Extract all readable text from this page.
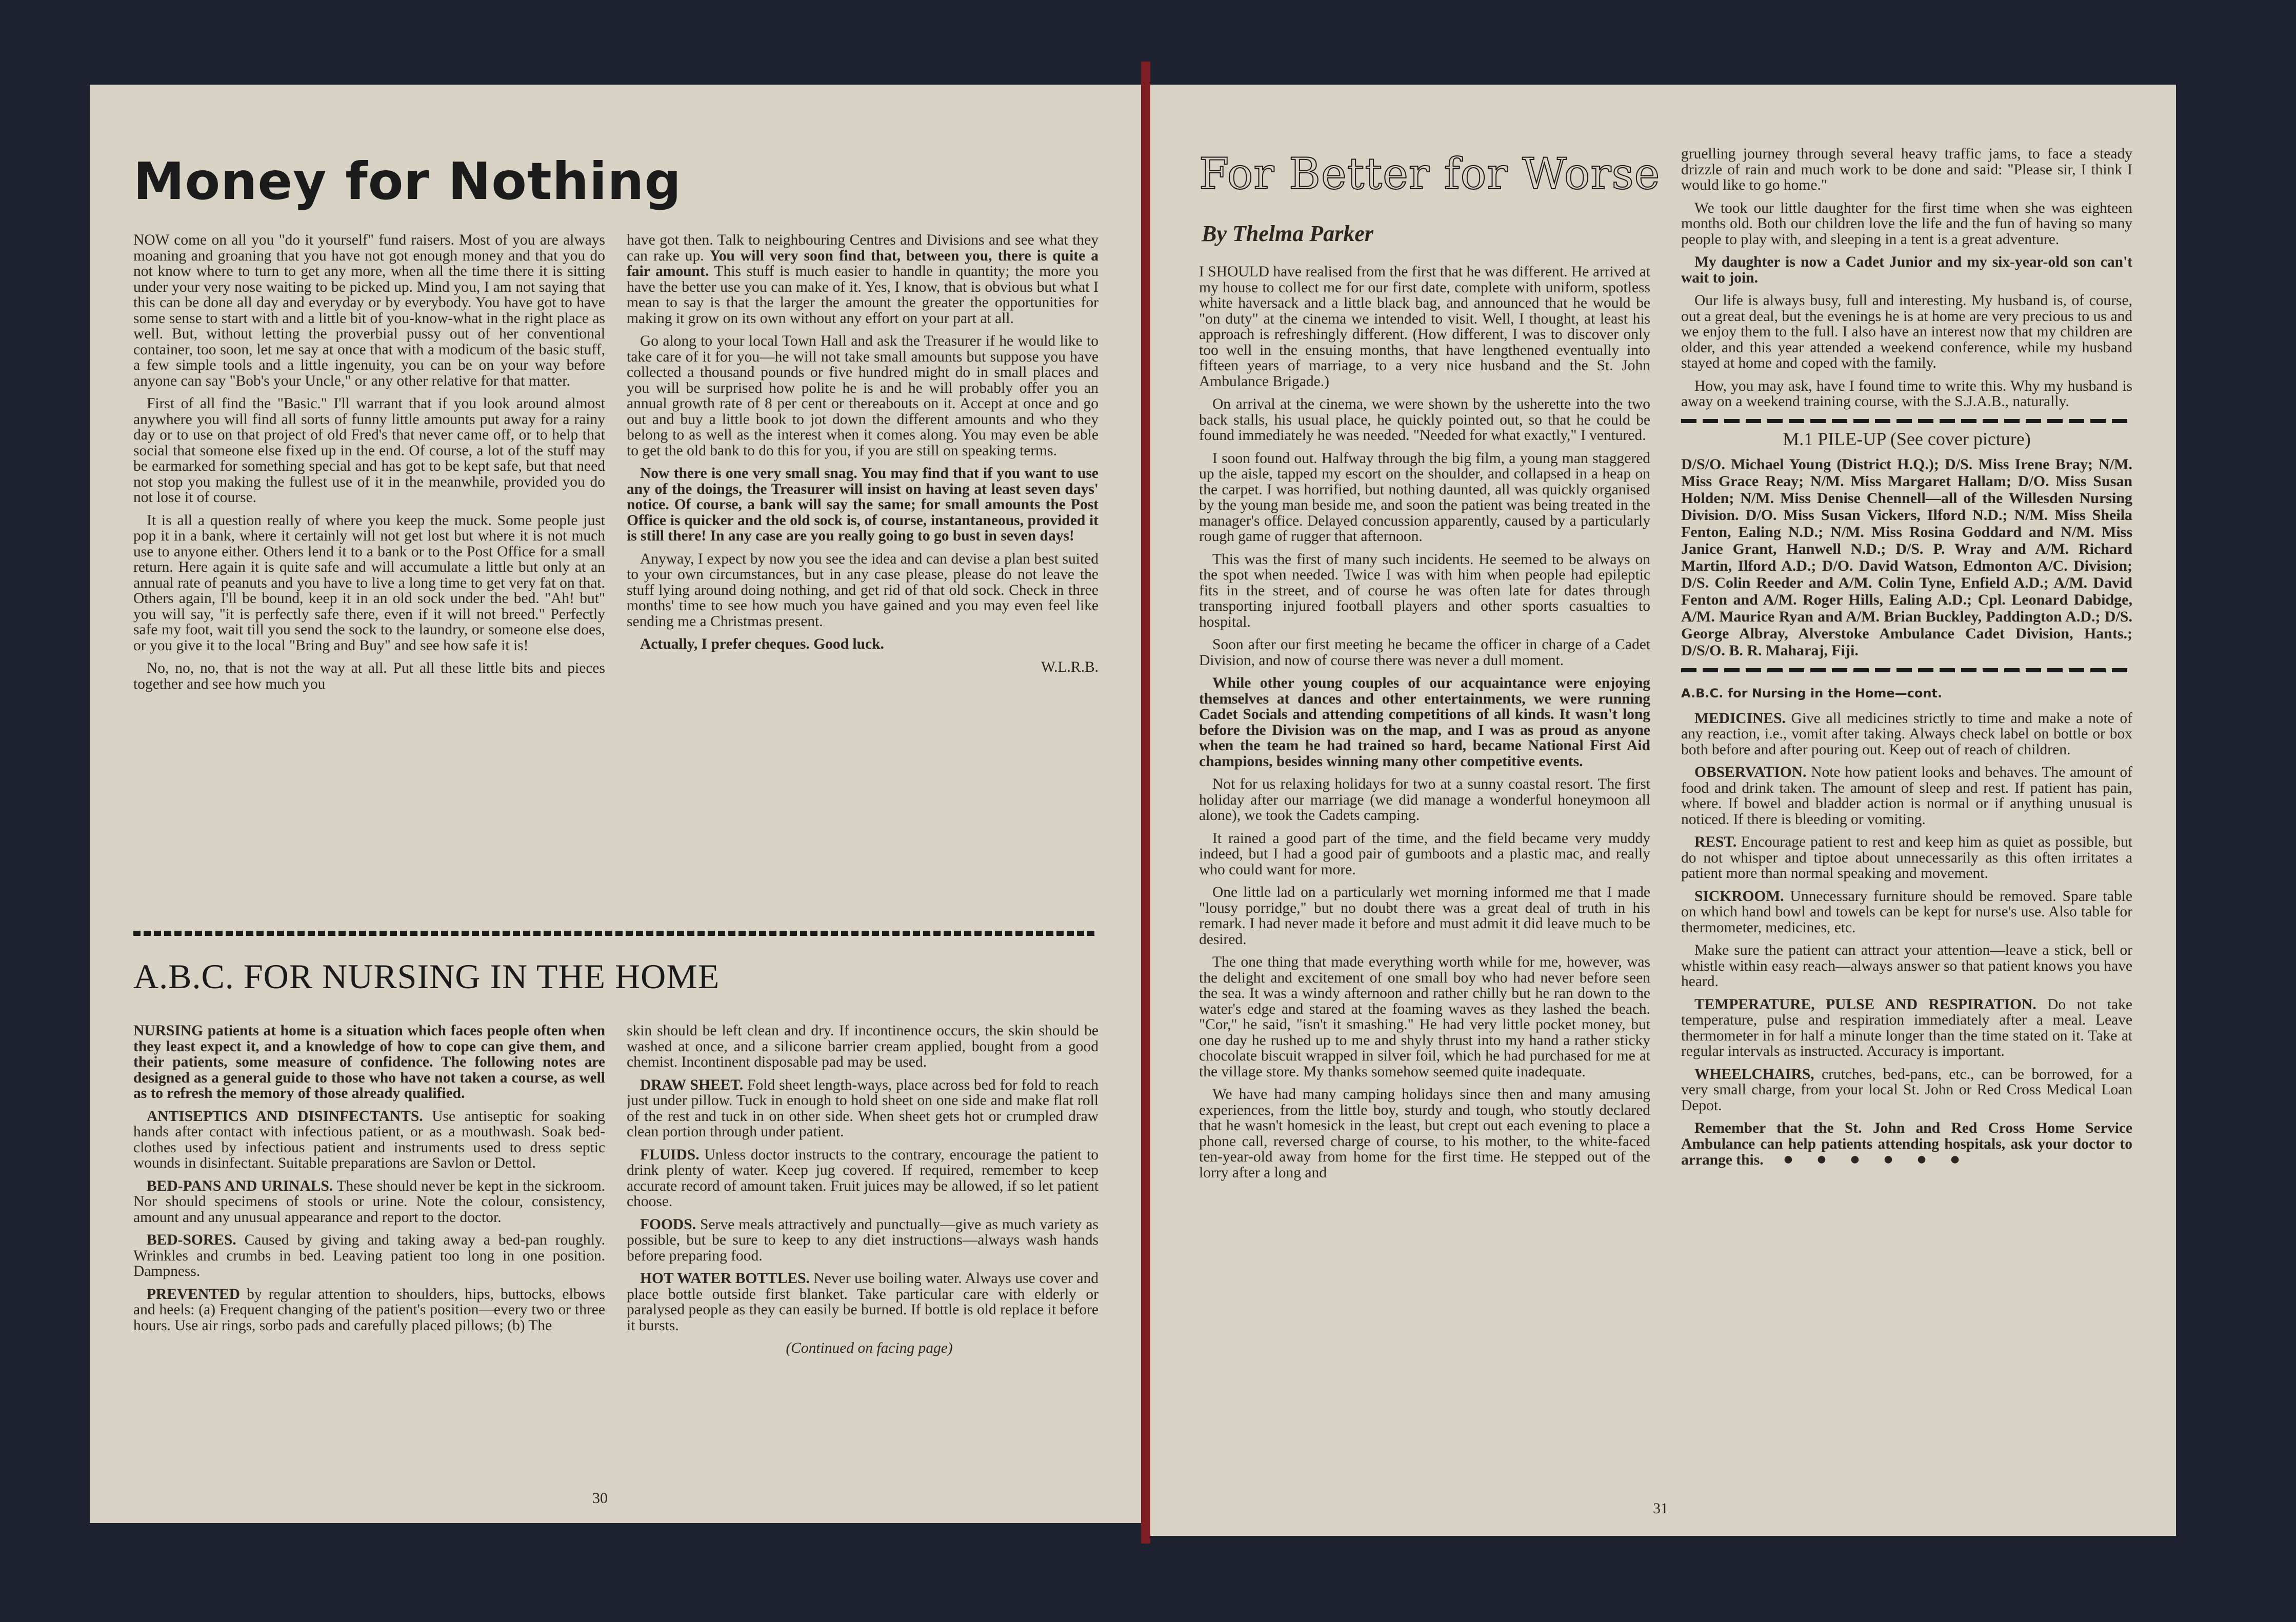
Money for Nothing

NOW come on all you "do it yourself" fund raisers. Most of you are always moaning and groaning that you have not got enough money and that you do not know where to turn to get any more, when all the time there it is sitting under your very nose waiting to be picked up. Mind you, I am not saying that this can be done all day and everyday or by everybody. You have got to have some sense to start with and a little bit of you-know-what in the right place as well. But, without letting the proverbial pussy out of her conventional container, too soon, let me say at once that with a modicum of the basic stuff, a few simple tools and a little ingenuity, you can be on your way before anyone can say "Bob's your Uncle," or any other relative for that matter.

First of all find the "Basic." I'll warrant that if you look around almost anywhere you will find all sorts of funny little amounts put away for a rainy day or to use on that project of old Fred's that never came off, or to help that social that someone else fixed up in the end. Of course, a lot of the stuff may be earmarked for something special and has got to be kept safe, but that need not stop you making the fullest use of it in the meanwhile, provided you do not lose it of course.

It is all a question really of where you keep the muck. Some people just pop it in a bank, where it certainly will not get lost but where it is not much use to anyone either. Others lend it to a bank or to the Post Office for a small return. Here again it is quite safe and will accumulate a little but only at an annual rate of peanuts and you have to live a long time to get very fat on that. Others again, I'll be bound, keep it in an old sock under the bed. "Ah! but" you will say, "it is perfectly safe there, even if it will not breed." Perfectly safe my foot, wait till you send the sock to the laundry, or someone else does, or you give it to the local "Bring and Buy" and see how safe it is!

No, no, no, that is not the way at all. Put all these little bits and pieces together and see how much you

have got then. Talk to neighbouring Centres and Divisions and see what they can rake up. You will very soon find that, between you, there is quite a fair amount. This stuff is much easier to handle in quantity; the more you have the better use you can make of it. Yes, I know, that is obvious but what I mean to say is that the larger the amount the greater the opportunities for making it grow on its own without any effort on your part at all.

Go along to your local Town Hall and ask the Treasurer if he would like to take care of it for you—he will not take small amounts but suppose you have collected a thousand pounds or five hundred might do in small places and you will be surprised how polite he is and he will probably offer you an annual growth rate of 8 per cent or thereabouts on it. Accept at once and go out and buy a little book to jot down the different amounts and who they belong to as well as the interest when it comes along. You may even be able to get the old bank to do this for you, if you are still on speaking terms.

Now there is one very small snag. You may find that if you want to use any of the doings, the Treasurer will insist on having at least seven days' notice. Of course, a bank will say the same; for small amounts the Post Office is quicker and the old sock is, of course, instantaneous, provided it is still there! In any case are you really going to go bust in seven days!

Anyway, I expect by now you see the idea and can devise a plan best suited to your own circumstances, but in any case please, please do not leave the stuff lying around doing nothing, and get rid of that old sock. Check in three months' time to see how much you have gained and you may even feel like sending me a Christmas present.

Actually, I prefer cheques. Good luck.

W.L.R.B.

A.B.C. FOR NURSING IN THE HOME

NURSING patients at home is a situation which faces people often when they least expect it, and a knowledge of how to cope can give them, and their patients, some measure of confidence. The following notes are designed as a general guide to those who have not taken a course, as well as to refresh the memory of those already qualified.

ANTISEPTICS AND DISINFECTANTS. Use antiseptic for soaking hands after contact with infectious patient, or as a mouthwash. Soak bed-clothes used by infectious patient and instruments used to dress septic wounds in disinfectant. Suitable preparations are Savlon or Dettol.

BED-PANS AND URINALS. These should never be kept in the sickroom. Nor should specimens of stools or urine. Note the colour, consistency, amount and any unusual appearance and report to the doctor.

BED-SORES. Caused by giving and taking away a bed-pan roughly. Wrinkles and crumbs in bed. Leaving patient too long in one position. Dampness.

PREVENTED by regular attention to shoulders, hips, buttocks, elbows and heels: (a) Frequent changing of the patient's position—every two or three hours. Use air rings, sorbo pads and carefully placed pillows; (b) The

skin should be left clean and dry. If incontinence occurs, the skin should be washed at once, and a silicone barrier cream applied, bought from a good chemist. Incontinent disposable pad may be used.

DRAW SHEET. Fold sheet length-ways, place across bed for fold to reach just under pillow. Tuck in enough to hold sheet on one side and make flat roll of the rest and tuck in on other side. When sheet gets hot or crumpled draw clean portion through under patient.

FLUIDS. Unless doctor instructs to the contrary, encourage the patient to drink plenty of water. Keep jug covered. If required, remember to keep accurate record of amount taken. Fruit juices may be allowed, if so let patient choose.

FOODS. Serve meals attractively and punctually—give as much variety as possible, but be sure to keep to any diet instructions—always wash hands before preparing food.

HOT WATER BOTTLES. Never use boiling water. Always use cover and place bottle outside first blanket. Take particular care with elderly or paralysed people as they can easily be burned. If bottle is old replace it before it bursts.

(Continued on facing page)

30
For Better for Worse

By Thelma Parker

I SHOULD have realised from the first that he was different. He arrived at my house to collect me for our first date, complete with uniform, spotless white haversack and a little black bag, and announced that he would be "on duty" at the cinema we intended to visit. Well, I thought, at least his approach is refreshingly different. (How different, I was to discover only too well in the ensuing months, that have lengthened eventually into fifteen years of marriage, to a very nice husband and the St. John Ambulance Brigade.)

On arrival at the cinema, we were shown by the usherette into the two back stalls, his usual place, he quickly pointed out, so that he could be found immediately he was needed. "Needed for what exactly," I ventured.

I soon found out. Halfway through the big film, a young man staggered up the aisle, tapped my escort on the shoulder, and collapsed in a heap on the carpet. I was horrified, but nothing daunted, all was quickly organised by the young man beside me, and soon the patient was being treated in the manager's office. Delayed concussion apparently, caused by a particularly rough game of rugger that afternoon.

This was the first of many such incidents. He seemed to be always on the spot when needed. Twice I was with him when people had epileptic fits in the street, and of course he was often late for dates through transporting injured football players and other sports casualties to hospital.

Soon after our first meeting he became the officer in charge of a Cadet Division, and now of course there was never a dull moment.

While other young couples of our acquaintance were enjoying themselves at dances and other entertainments, we were running Cadet Socials and attending competitions of all kinds. It wasn't long before the Division was on the map, and I was as proud as anyone when the team he had trained so hard, became National First Aid champions, besides winning many other competitive events.

Not for us relaxing holidays for two at a sunny coastal resort. The first holiday after our marriage (we did manage a wonderful honeymoon all alone), we took the Cadets camping.

It rained a good part of the time, and the field became very muddy indeed, but I had a good pair of gumboots and a plastic mac, and really who could want for more.

One little lad on a particularly wet morning informed me that I made "lousy porridge," but no doubt there was a great deal of truth in his remark. I had never made it before and must admit it did leave much to be desired.

The one thing that made everything worth while for me, however, was the delight and excitement of one small boy who had never before seen the sea. It was a windy afternoon and rather chilly but he ran down to the water's edge and stared at the foaming waves as they lashed the beach. "Cor," he said, "isn't it smashing." He had very little pocket money, but one day he rushed up to me and shyly thrust into my hand a rather sticky chocolate biscuit wrapped in silver foil, which he had purchased for me at the village store. My thanks somehow seemed quite inadequate.

We have had many camping holidays since then and many amusing experiences, from the little boy, sturdy and tough, who stoutly declared that he wasn't homesick in the least, but crept out each evening to place a phone call, reversed charge of course, to his mother, to the white-faced ten-year-old away from home for the first time. He stepped out of the lorry after a long and

gruelling journey through several heavy traffic jams, to face a steady drizzle of rain and much work to be done and said: "Please sir, I think I would like to go home."

We took our little daughter for the first time when she was eighteen months old. Both our children love the life and the fun of having so many people to play with, and sleeping in a tent is a great adventure.

My daughter is now a Cadet Junior and my six-year-old son can't wait to join.

Our life is always busy, full and interesting. My husband is, of course, out a great deal, but the evenings he is at home are very precious to us and we enjoy them to the full. I also have an interest now that my children are older, and this year attended a weekend conference, while my husband stayed at home and coped with the family.

How, you may ask, have I found time to write this. Why my husband is away on a weekend training course, with the S.J.A.B., naturally.

M.1 PILE-UP (See cover picture)
D/S/O. Michael Young (District H.Q.); D/S. Miss Irene Bray; N/M. Miss Grace Reay; N/M. Miss Margaret Hallam; D/O. Miss Susan Holden; N/M. Miss Denise Chennell—all of the Willesden Nursing Division. D/O. Miss Susan Vickers, Ilford N.D.; N/M. Miss Sheila Fenton, Ealing N.D.; N/M. Miss Rosina Goddard and N/M. Miss Janice Grant, Hanwell N.D.; D/S. P. Wray and A/M. Richard Martin, Ilford A.D.; D/O. David Watson, Edmonton A/C. Division; D/S. Colin Reeder and A/M. Colin Tyne, Enfield A.D.; A/M. David Fenton and A/M. Roger Hills, Ealing A.D.; Cpl. Leonard Dabidge, A/M. Maurice Ryan and A/M. Brian Buckley, Paddington A.D.; D/S. George Albray, Alverstoke Ambulance Cadet Division, Hants.; D/S/O. B. R. Maharaj, Fiji.
A.B.C. for Nursing in the Home—cont.

MEDICINES. Give all medicines strictly to time and make a note of any reaction, i.e., vomit after taking. Always check label on bottle or box both before and after pouring out. Keep out of reach of children.

OBSERVATION. Note how patient looks and behaves. The amount of food and drink taken. The amount of sleep and rest. If patient has pain, where. If bowel and bladder action is normal or if anything unusual is noticed. If there is bleeding or vomiting.

REST. Encourage patient to rest and keep him as quiet as possible, but do not whisper and tiptoe about unnecessarily as this often irritates a patient more than normal speaking and movement.

SICKROOM. Unnecessary furniture should be removed. Spare table on which hand bowl and towels can be kept for nurse's use. Also table for thermometer, medicines, etc.

Make sure the patient can attract your attention—leave a stick, bell or whistle within easy reach—always answer so that patient knows you have heard.

TEMPERATURE, PULSE AND RESPIRATION. Do not take temperature, pulse and respiration immediately after a meal. Leave thermometer in for half a minute longer than the time stated on it. Take at regular intervals as instructed. Accuracy is important.

WHEELCHAIRS, crutches, bed-pans, etc., can be borrowed, for a very small charge, from your local St. John or Red Cross Medical Loan Depot.

Remember that the St. John and Red Cross Home Service Ambulance can help patients attending hospitals, ask your doctor to arrange this. ● ● ● ● ● ●

31
